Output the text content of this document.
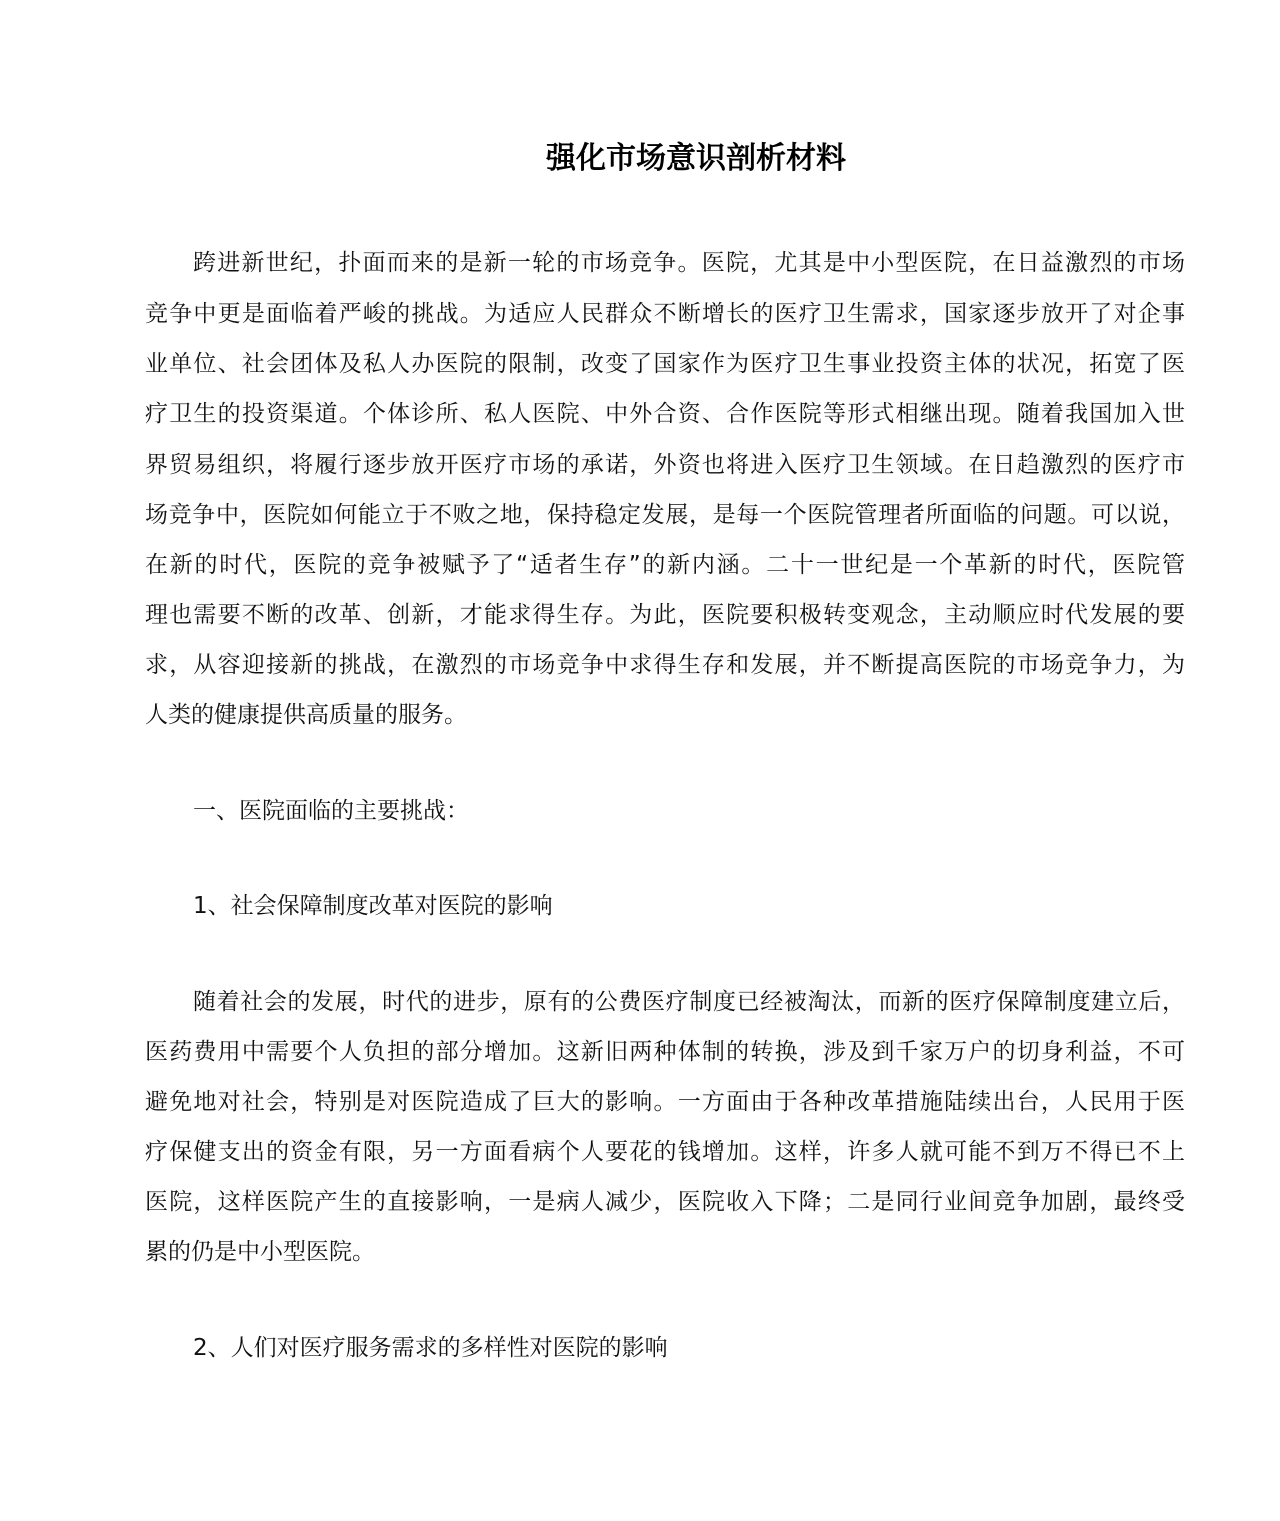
强化市场意识剖析材料
跨进新世纪，扑面而来的是新一轮的市场竞争。医院，尤其是中小型医院，在日益激烈的市场
竞争中更是面临着严峻的挑战。为适应人民群众不断增长的医疗卫生需求，国家逐步放开了对企事
业单位、社会团体及私人办医院的限制，改变了国家作为医疗卫生事业投资主体的状况，拓宽了医
疗卫生的投资渠道。个体诊所、私人医院、中外合资、合作医院等形式相继出现。随着我国加入世
界贸易组织，将履行逐步放开医疗市场的承诺，外资也将进入医疗卫生领域。在日趋激烈的医疗市
场竞争中，医院如何能立于不败之地，保持稳定发展，是每一个医院管理者所面临的问题。可以说，
在新的时代，医院的竞争被赋予了“适者生存”的新内涵。二十一世纪是一个革新的时代，医院管
理也需要不断的改革、创新，才能求得生存。为此，医院要积极转变观念，主动顺应时代发展的要
求，从容迎接新的挑战，在激烈的市场竞争中求得生存和发展，并不断提高医院的市场竞争力，为
人类的健康提供高质量的服务。
一、医院面临的主要挑战：
1、社会保障制度改革对医院的影响
随着社会的发展，时代的进步，原有的公费医疗制度已经被淘汰，而新的医疗保障制度建立后，
医药费用中需要个人负担的部分增加。这新旧两种体制的转换，涉及到千家万户的切身利益，不可
避免地对社会，特别是对医院造成了巨大的影响。一方面由于各种改革措施陆续出台，人民用于医
疗保健支出的资金有限，另一方面看病个人要花的钱增加。这样，许多人就可能不到万不得已不上
医院，这样医院产生的直接影响，一是病人减少，医院收入下降；二是同行业间竞争加剧，最终受
累的仍是中小型医院。
2、人们对医疗服务需求的多样性对医院的影响
